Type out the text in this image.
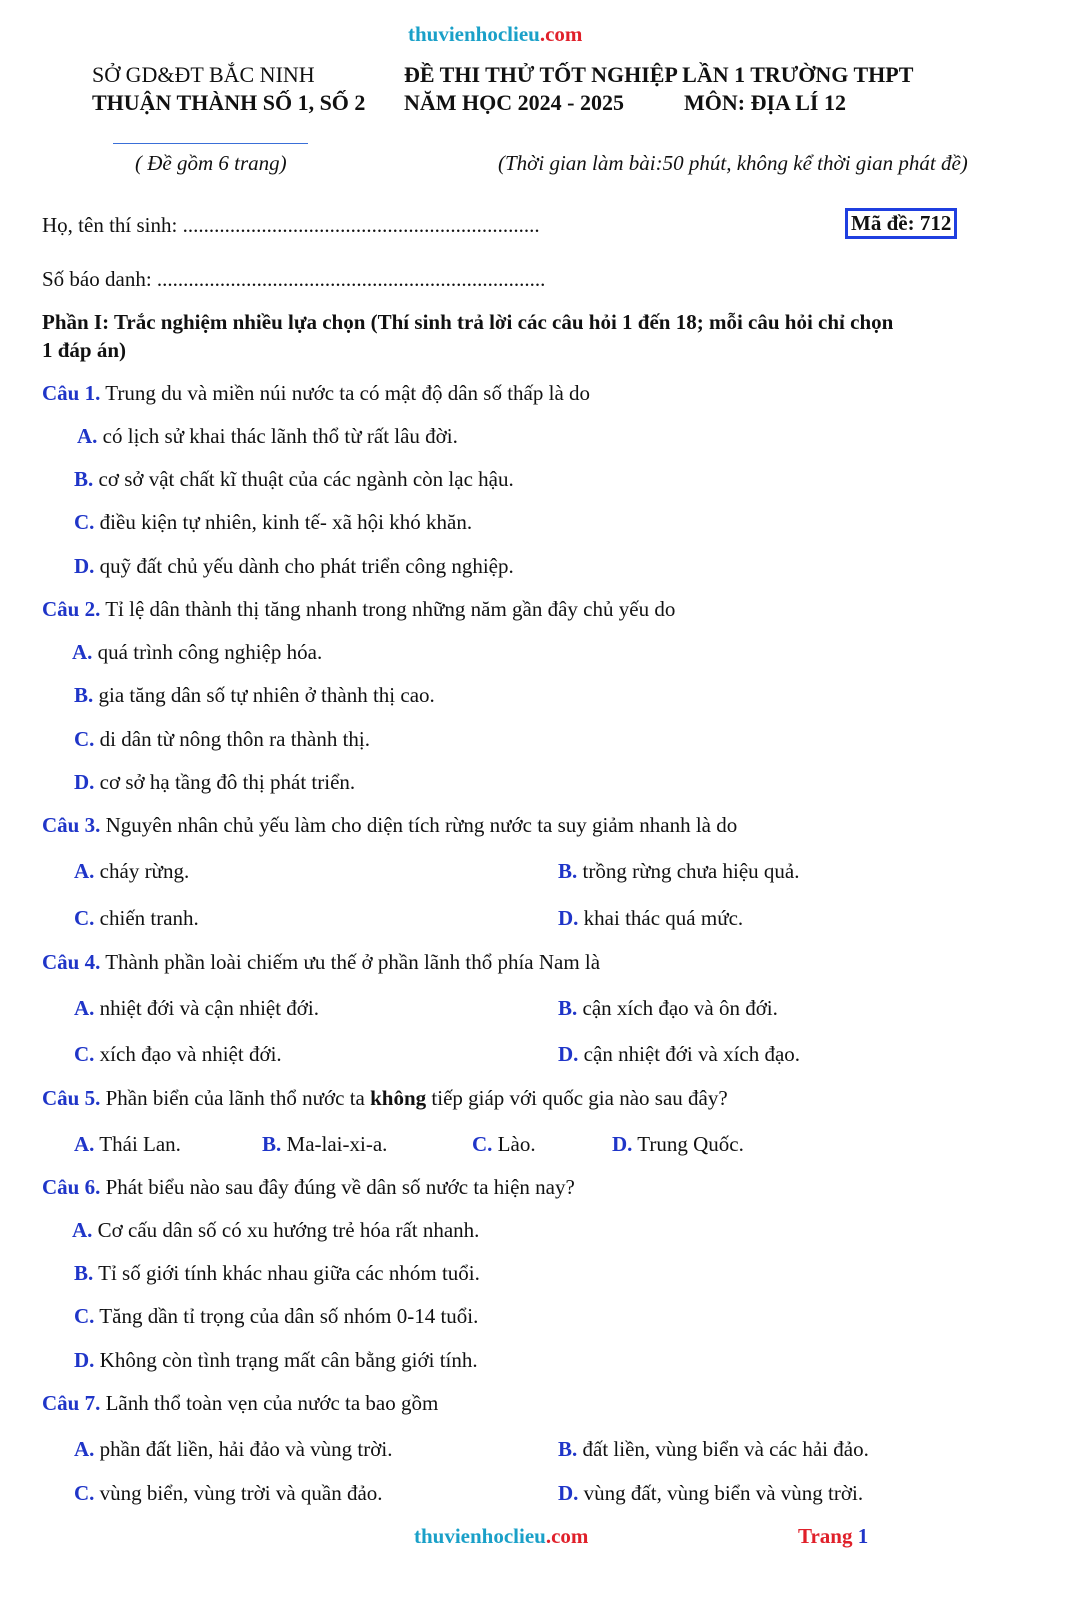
thuvienhoclieu.com
SỞ GD&ĐT BẮC NINH
THUẬN THÀNH SỐ 1, SỐ 2
ĐỀ THI THỬ TỐT NGHIỆP LẦN 1 TRƯỜNG THPT
NĂM HỌC 2024 - 2025	MÔN: ĐỊA LÍ 12
( Đề gồm 6 trang)	(Thời gian làm bài:50 phút, không kể thời gian phát đề)
Họ, tên thí sinh: ....................................................................	Mã đề: 712
Số báo danh: ..........................................................................
Phần I: Trắc nghiệm nhiều lựa chọn (Thí sinh trả lời các câu hỏi 1 đến 18; mỗi câu hỏi chỉ chọn
1 đáp án)
Câu 1. Trung du và miền núi nước ta có mật độ dân số thấp là do
A. có lịch sử khai thác lãnh thổ từ rất lâu đời.
B. cơ sở vật chất kĩ thuật của các ngành còn lạc hậu.
C. điều kiện tự nhiên, kinh tế- xã hội khó khăn.
D. quỹ đất chủ yếu dành cho phát triển công nghiệp.
Câu 2. Tỉ lệ dân thành thị tăng nhanh trong những năm gần đây chủ yếu do
A. quá trình công nghiệp hóa.
B. gia tăng dân số tự nhiên ở thành thị cao.
C. di dân từ nông thôn ra thành thị.
D. cơ sở hạ tầng đô thị phát triển.
Câu 3. Nguyên nhân chủ yếu làm cho diện tích rừng nước ta suy giảm nhanh là do
A. cháy rừng.	B. trồng rừng chưa hiệu quả.
C. chiến tranh.	D. khai thác quá mức.
Câu 4. Thành phần loài chiếm ưu thế ở phần lãnh thổ phía Nam là
A. nhiệt đới và cận nhiệt đới.	B. cận xích đạo và ôn đới.
C. xích đạo và nhiệt đới.	D. cận nhiệt đới và xích đạo.
Câu 5. Phần biển của lãnh thổ nước ta không tiếp giáp với quốc gia nào sau đây?
A. Thái Lan.	B. Ma-lai-xi-a.	C. Lào.	D. Trung Quốc.
Câu 6. Phát biểu nào sau đây đúng về dân số nước ta hiện nay?
A. Cơ cấu dân số có xu hướng trẻ hóa rất nhanh.
B. Tỉ số giới tính khác nhau giữa các nhóm tuổi.
C. Tăng dần tỉ trọng của dân số nhóm 0-14 tuổi.
D. Không còn tình trạng mất cân bằng giới tính.
Câu 7. Lãnh thổ toàn vẹn của nước ta bao gồm
A. phần đất liền, hải đảo và vùng trời.	B. đất liền, vùng biển và các hải đảo.
C. vùng biển, vùng trời và quần đảo.	D. vùng đất, vùng biển và vùng trời.
thuvienhoclieu.com	Trang 1
